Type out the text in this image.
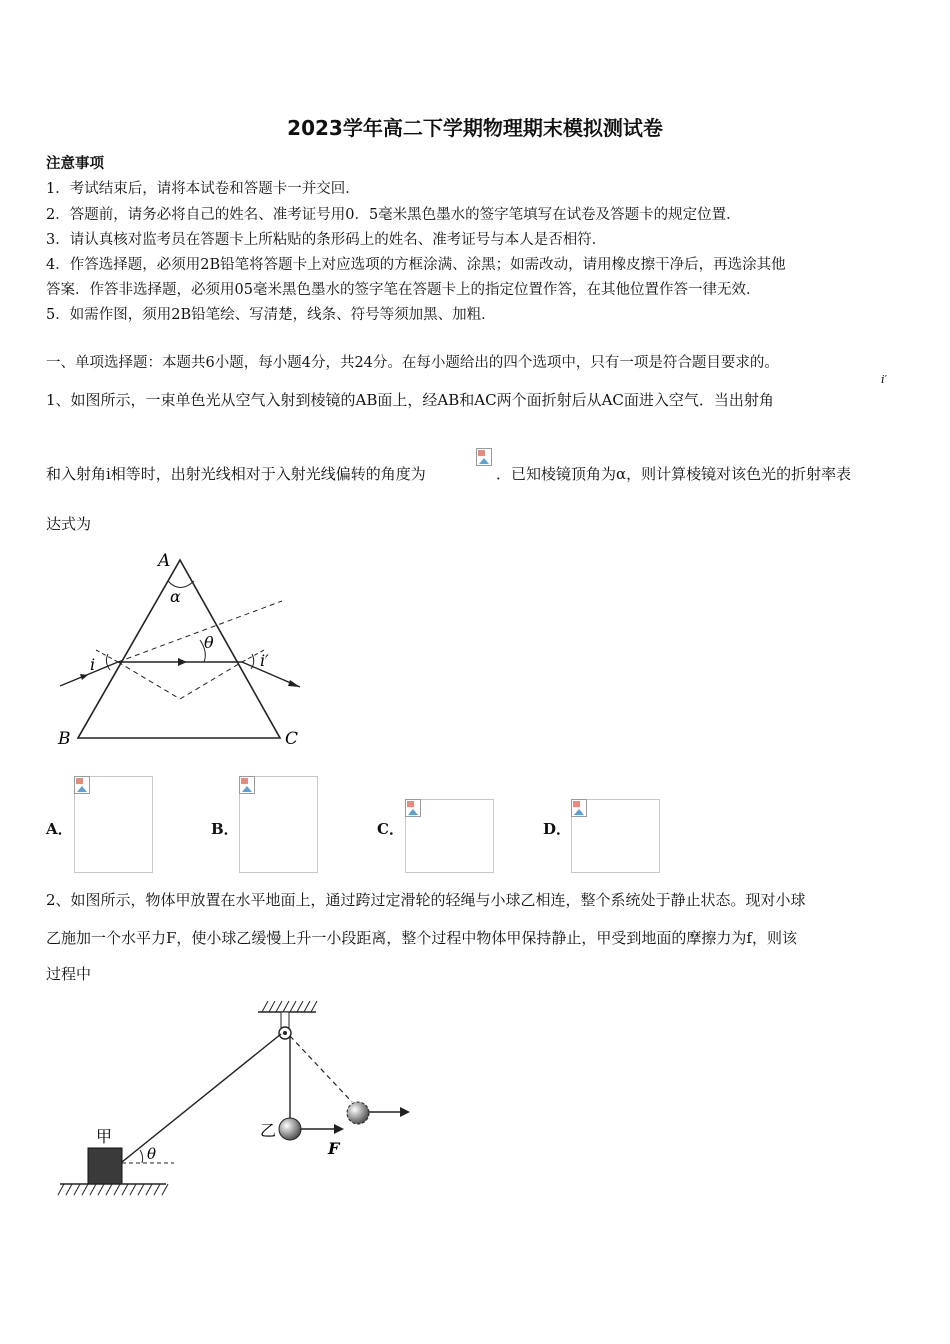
2023学年高二下学期物理期末模拟测试卷
注意事项
1．考试结束后，请将本试卷和答题卡一并交回．
2．答题前，请务必将自己的姓名、准考证号用0．5毫米黑色墨水的签字笔填写在试卷及答题卡的规定位置．
3．请认真核对监考员在答题卡上所粘贴的条形码上的姓名、准考证号与本人是否相符．
4．作答选择题，必须用2B铅笔将答题卡上对应选项的方框涂满、涂黑；如需改动，请用橡皮擦干净后，再选涂其他
答案．作答非选择题，必须用05毫米黑色墨水的签字笔在答题卡上的指定位置作答，在其他位置作答一律无效．
5．如需作图，须用2B铅笔绘、写清楚，线条、符号等须加黑、加粗．
一、单项选择题：本题共6小题，每小题4分，共24分。在每小题给出的四个选项中，只有一项是符合题目要求的。
1、如图所示，一束单色光从空气入射到棱镜的AB面上，经AB和AC两个面折射后从AC面进入空气．当出射角
i′
和入射角i相等时，出射光线相对于入射光线偏转的角度为	．已知棱镜顶角为α，则计算棱镜对该色光的折射率表
达式为
A
α
θ
i	i′
B	C
A．	B．	C．	D．
2、如图所示，物体甲放置在水平地面上，通过跨过定滑轮的轻绳与小球乙相连，整个系统处于静止状态。现对小球
乙施加一个水平力F，使小球乙缓慢上升一小段距离，整个过程中物体甲保持静止，甲受到地面的摩擦力为f，则该
过程中
甲	乙
θ	F
